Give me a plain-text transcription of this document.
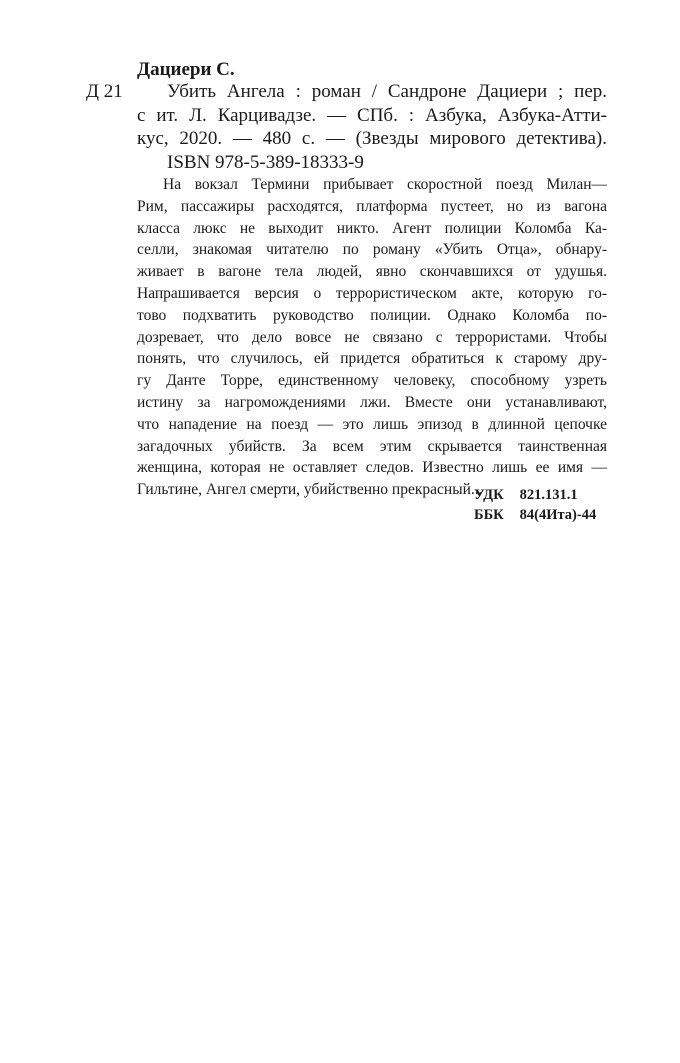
Дациери С.
Д 21	Убить Ангела : роман / Сандроне Дациери ; пер.
с ит. Л. Карцивадзе. — СПб. : Азбука, Азбука-Атти-
кус, 2020. — 480 с. — (Звезды мирового детектива).
ISBN 978-5-389-18333-9
На вокзал Термини прибывает скоростной поезд Милан—
Рим, пассажиры расходятся, платформа пустеет, но из вагона
класса люкс не выходит никто. Агент полиции Коломба Ка-
селли, знакомая читателю по роману «Убить Отца», обнару-
живает в вагоне тела людей, явно скончавшихся от удушья.
Напрашивается версия о террористическом акте, которую го-
тово подхватить руководство полиции. Однако Коломба по-
дозревает, что дело вовсе не связано с террористами. Чтобы
понять, что случилось, ей придется обратиться к старому дру-
гу Данте Торре, единственному человеку, способному узреть
истину за нагромождениями лжи. Вместе они устанавливают,
что нападение на поезд — это лишь эпизод в длинной цепочке
загадочных убийств. За всем этим скрывается таинственная
женщина, которая не оставляет следов. Известно лишь ее имя —
Гильтине, Ангел смерти, убийственно прекрасный...
УДК 821.131.1
ББК 84(4Ита)-44
